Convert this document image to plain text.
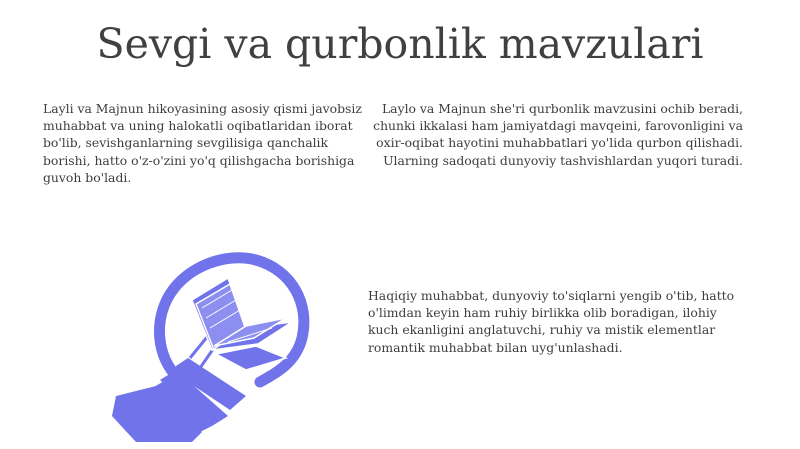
Sevgi va qurbonlik mavzulari

Layli va Majnun hikoyasining asosiy qismi javobsiz muhabbat va uning halokatli oqibatlaridan iborat bo'lib, sevishganlarning sevgilisiga qanchalik borishi, hatto o'z-o'zini yo'q qilishgacha borishiga guvoh bo'ladi.

Laylo va Majnun she'ri qurbonlik mavzusini ochib beradi, chunki ikkalasi ham jamiyatdagi mavqeini, farovonligini va oxir-oqibat hayotini muhabbatlari yo'lida qurbon qilishadi. Ularning sadoqati dunyoviy tashvishlardan yuqori turadi.

Haqiqiy muhabbat, dunyoviy to'siqlarni yengib o'tib, hatto o'limdan keyin ham ruhiy birlikka olib boradigan, ilohiy kuch ekanligini anglatuvchi, ruhiy va mistik elementlar romantik muhabbat bilan uyg'unlashadi.
